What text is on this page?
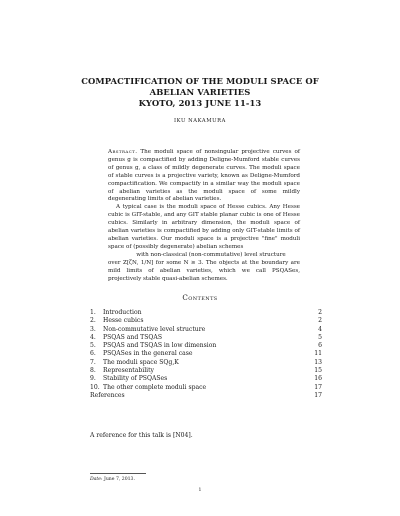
COMPACTIFICATION OF THE MODULI SPACE OF
ABELIAN VARIETIES
KYOTO, 2013 JUNE 11-13
IKU NAKAMURA

Abstract. The moduli space of nonsingular projective curves of genus g is compactified by adding Deligne-Mumford stable curves of genus g, a class of mildly degenerate curves. The moduli space of stable curves is a projective variety, known as Deligne-Mumford compactification. We compactify in a similar way the moduli space of abelian varieties as the moduli space of some mildly degenerating limits of abelian varieties.

A typical case is the moduli space of Hesse cubics. Any Hesse cubic is GIT-stable, and any GIT stable planar cubic is one of Hesse cubics. Similarly in arbitrary dimension, the moduli space of abelian varieties is compactified by adding only GIT-stable limits of abelian varieties. Our moduli space is a projective "fine" moduli space of (possibly degenerate) abelian schemes

with non-classical (non-commutative) level structure

over Z[ζN, 1/N] for some N ≥ 3. The objects at the boundary are mild limits of abelian varieties, which we call PSQASes, projectively stable quasi-abelian schemes.

Contents
1. Introduction	2
2. Hesse cubics	2
3. Non-commutative level structure	4
4. PSQAS and TSQAS	5
5. PSQAS and TSQAS in low dimension	6
6. PSQASes in the general case	11
7. The moduli space SQg,K	13
8. Representability	15
9. Stability of PSQASes	16
10. The other complete moduli space	17
References	17
A reference for this talk is [N04].
Date: June 7, 2013.
1
